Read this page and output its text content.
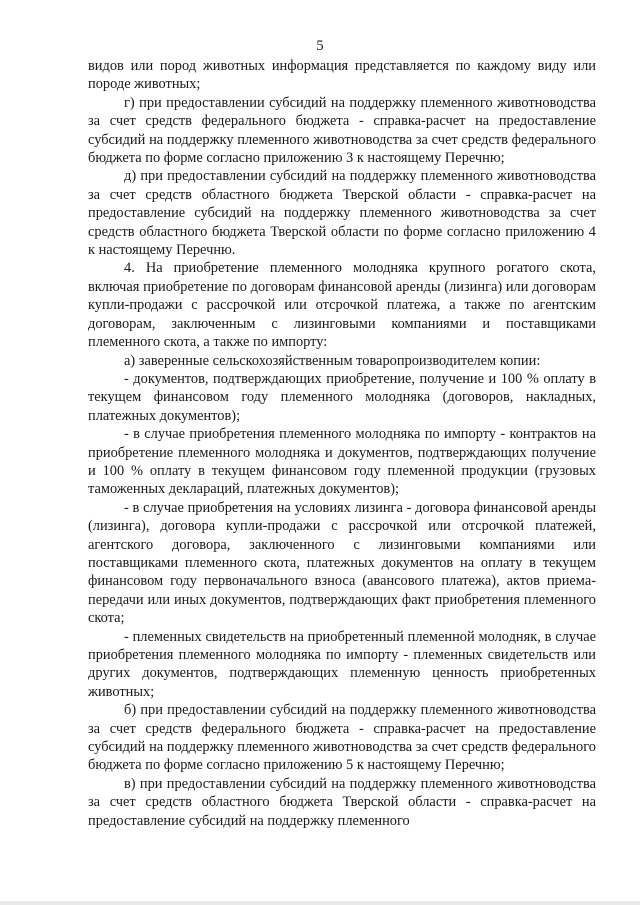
5

видов или пород животных информация представляется по каждому виду или породе животных;

г) при предоставлении субсидий на поддержку племенного животноводства за счет средств федерального бюджета - справка-расчет на предоставление субсидий на поддержку племенного животноводства за счет средств федерального бюджета по форме согласно приложению 3 к настоящему Перечню;

д) при предоставлении субсидий на поддержку племенного животноводства за счет средств областного бюджета Тверской области - справка-расчет на предоставление субсидий на поддержку племенного животноводства за счет средств областного бюджета Тверской области по форме согласно приложению 4 к настоящему Перечню.

4. На приобретение племенного молодняка крупного рогатого скота, включая приобретение по договорам финансовой аренды (лизинга) или договорам купли-продажи с рассрочкой или отсрочкой платежа, а также по агентским договорам, заключенным с лизинговыми компаниями и поставщиками племенного скота, а также по импорту:

а) заверенные сельскохозяйственным товаропроизводителем копии:

- документов, подтверждающих приобретение, получение и 100 % оплату в текущем финансовом году племенного молодняка (договоров, накладных, платежных документов);

- в случае приобретения племенного молодняка по импорту - контрактов на приобретение племенного молодняка и документов, подтверждающих получение и 100 % оплату в текущем финансовом году племенной продукции (грузовых таможенных деклараций, платежных документов);

- в случае приобретения на условиях лизинга - договора финансовой аренды (лизинга), договора купли-продажи с рассрочкой или отсрочкой платежей, агентского договора, заключенного с лизинговыми компаниями или поставщиками племенного скота, платежных документов на оплату в текущем финансовом году первоначального взноса (авансового платежа), актов приема-передачи или иных документов, подтверждающих факт приобретения племенного скота;

- племенных свидетельств на приобретенный племенной молодняк, в случае приобретения племенного молодняка по импорту - племенных свидетельств или других документов, подтверждающих племенную ценность приобретенных животных;

б) при предоставлении субсидий на поддержку племенного животноводства за счет средств федерального бюджета - справка-расчет на предоставление субсидий на поддержку племенного животноводства за счет средств федерального бюджета по форме согласно приложению 5 к настоящему Перечню;

в) при предоставлении субсидий на поддержку племенного животноводства за счет средств областного бюджета Тверской области - справка-расчет на предоставление субсидий на поддержку племенного
